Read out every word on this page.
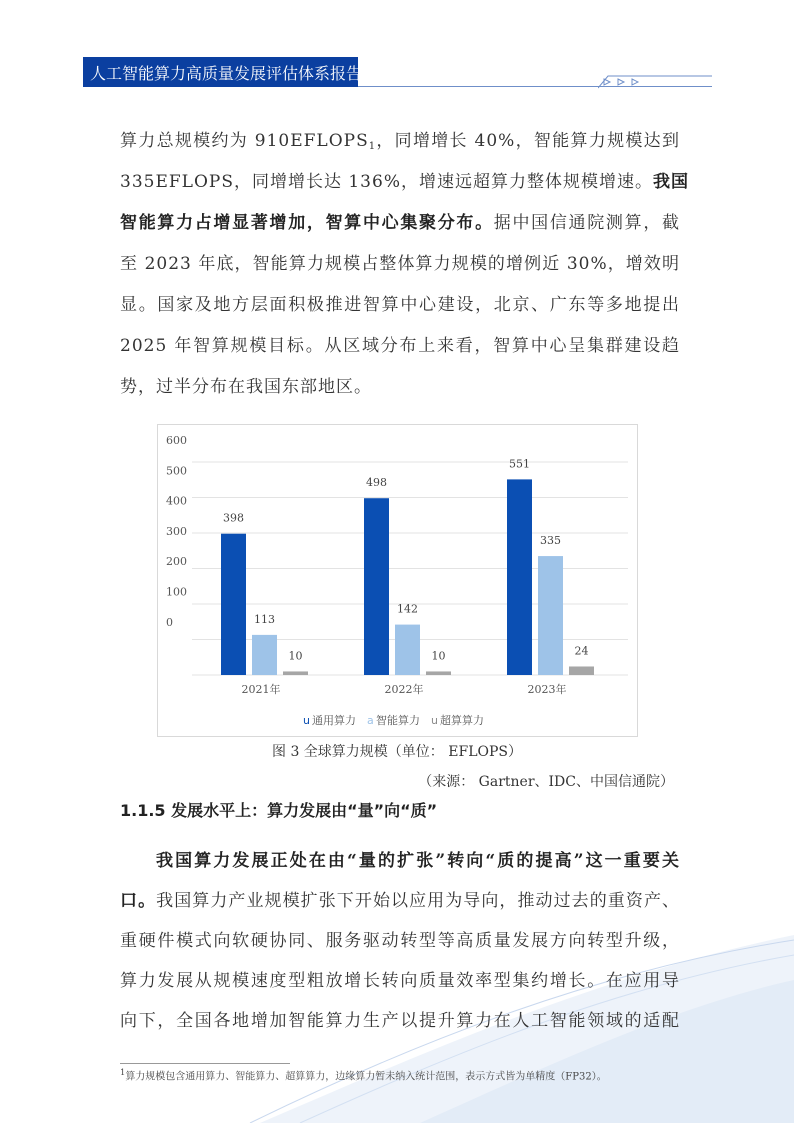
人工智能算力高质量发展评估体系报告
算力总规模约为 910EFLOPS$^1$，同增增长 40%，智能算力规模达到
335EFLOPS，同增增长达 136%，增速远超算力整体规模增速。我国
智能算力占增显著增加，智算中心集聚分布。据中国信通院测算，截
至 2023 年底，智能算力规模占整体算力规模的增例近 30%，增效明
显。国家及地方层面积极推进智算中心建设，北京、广东等多地提出
2025 年智算规模目标。从区域分布上来看，智算中心呈集群建设趋
势，过半分布在我国东部地区。
600
500
400
300
200
100
0
398
113
10
2021年
498
142
10
2022年
551
335
24
2023年
u 通用算力 a 智能算力 u 超算算力
图 3 全球算力规模（单位： EFLOPS）
（来源： Gartner、IDC、中国信通院）
1.1.5 发展水平上：算力发展由“量”向“质”
我国算力发展正处在由“量的扩张”转向“质的提高”这一重要关
口。我国算力产业规模扩张下开始以应用为导向，推动过去的重资产、
重硬件模式向软硬协同、服务驱动转型等高质量发展方向转型升级，
算力发展从规模速度型粗放增长转向质量效率型集约增长。在应用导
向下，全国各地增加智能算力生产以提升算力在人工智能领域的适配
$^1$算力规模包含通用算力、智能算力、超算算力，边缘算力暂未纳入统计范围，表示方式皆为单精度（FP32）。
